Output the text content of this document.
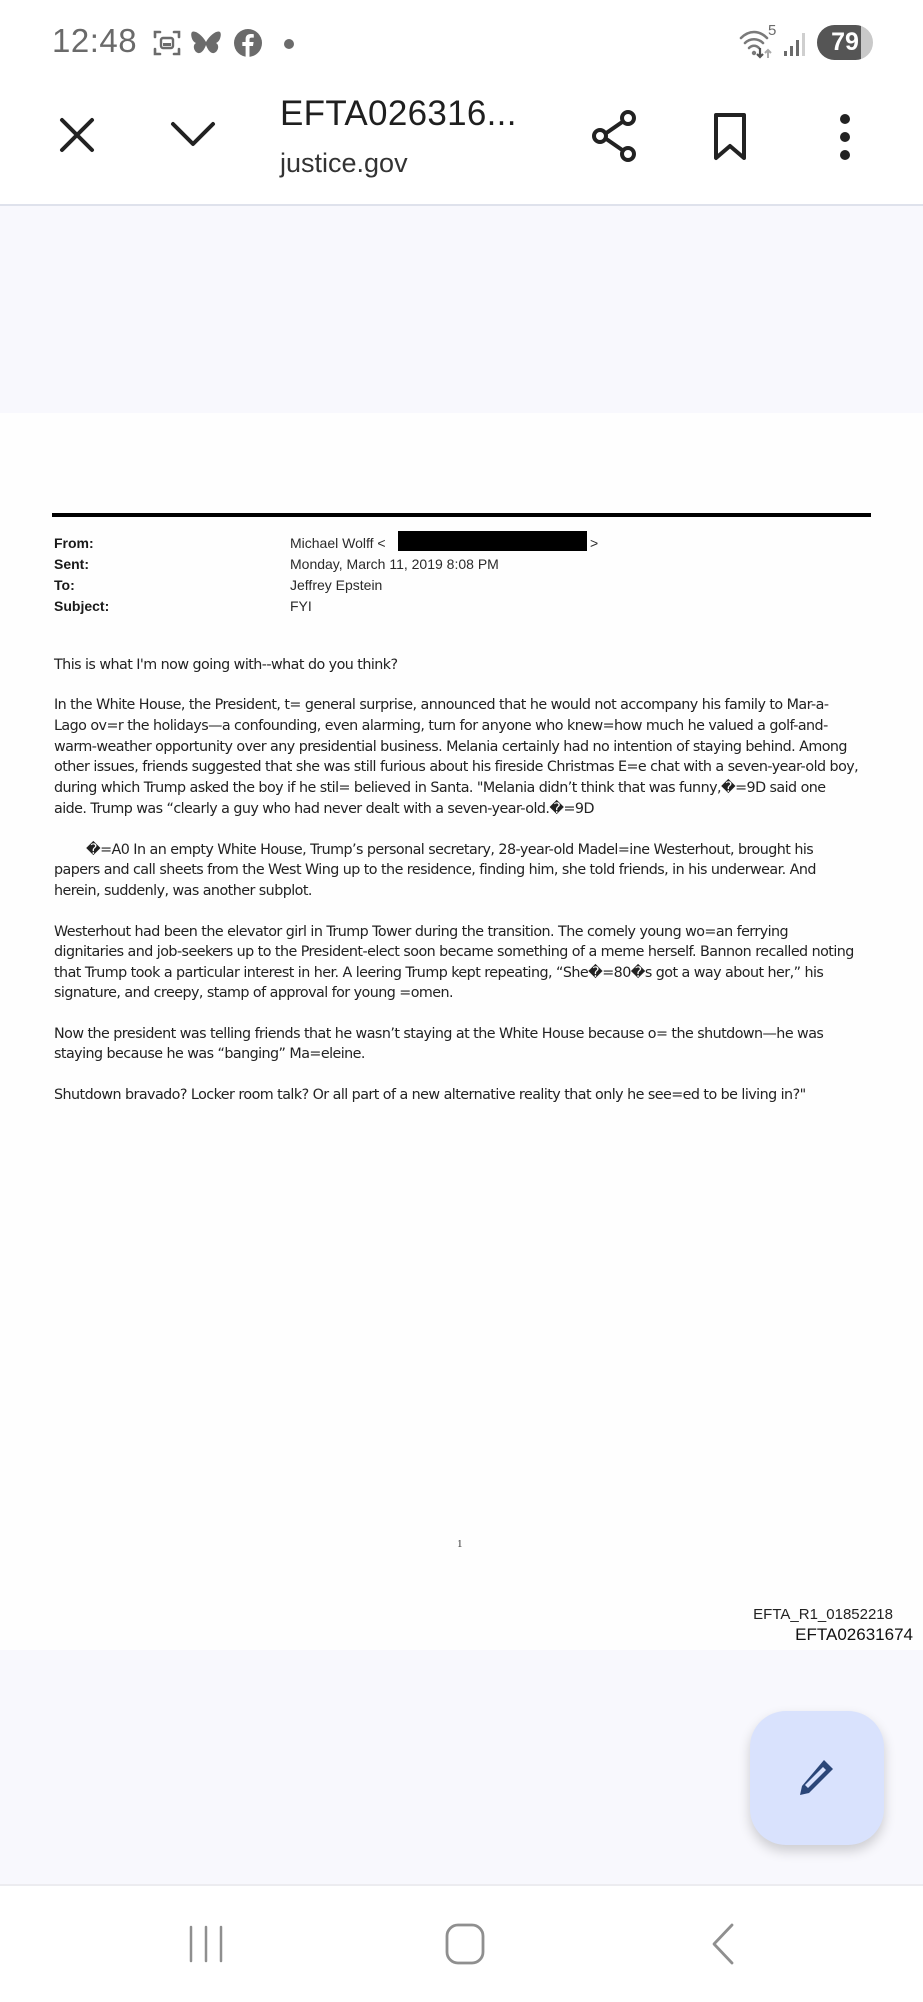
12:48	5	79
EFTA026316...
justice.gov
From:	Michael Wolff <	>
Sent:	Monday, March 11, 2019 8:08 PM
To:	Jeffrey Epstein
Subject:	FYI
This is what I'm now going with--what do you think?
In the White House, the President, t= general surprise, announced that he would not accompany his family to Mar-a-
Lago ov=r the holidays—a confounding, even alarming, turn for anyone who knew=how much he valued a golf-and-
warm-weather opportunity over any presidential business. Melania certainly had no intention of staying behind. Among
other issues, friends suggested that she was still furious about his fireside Christmas E=e chat with a seven-year-old boy,
during which Trump asked the boy if he stil= believed in Santa. "Melania didn’t think that was funny,�=9D said one
aide. Trump was “clearly a guy who had never dealt with a seven-year-old.�=9D
�=A0 In an empty White House, Trump’s personal secretary, 28-year-old Madel=ine Westerhout, brought his
papers and call sheets from the West Wing up to the residence, finding him, she told friends, in his underwear. And
herein, suddenly, was another subplot.
Westerhout had been the elevator girl in Trump Tower during the transition. The comely young wo=an ferrying
dignitaries and job-seekers up to the President-elect soon became something of a meme herself. Bannon recalled noting
that Trump took a particular interest in her. A leering Trump kept repeating, “She�=80�s got a way about her,” his
signature, and creepy, stamp of approval for young =omen.
Now the president was telling friends that he wasn’t staying at the White House because o= the shutdown—he was
staying because he was “banging” Ma=eleine.
Shutdown bravado? Locker room talk? Or all part of a new alternative reality that only he see=ed to be living in?"
1
EFTA_R1_01852218
EFTA02631674
